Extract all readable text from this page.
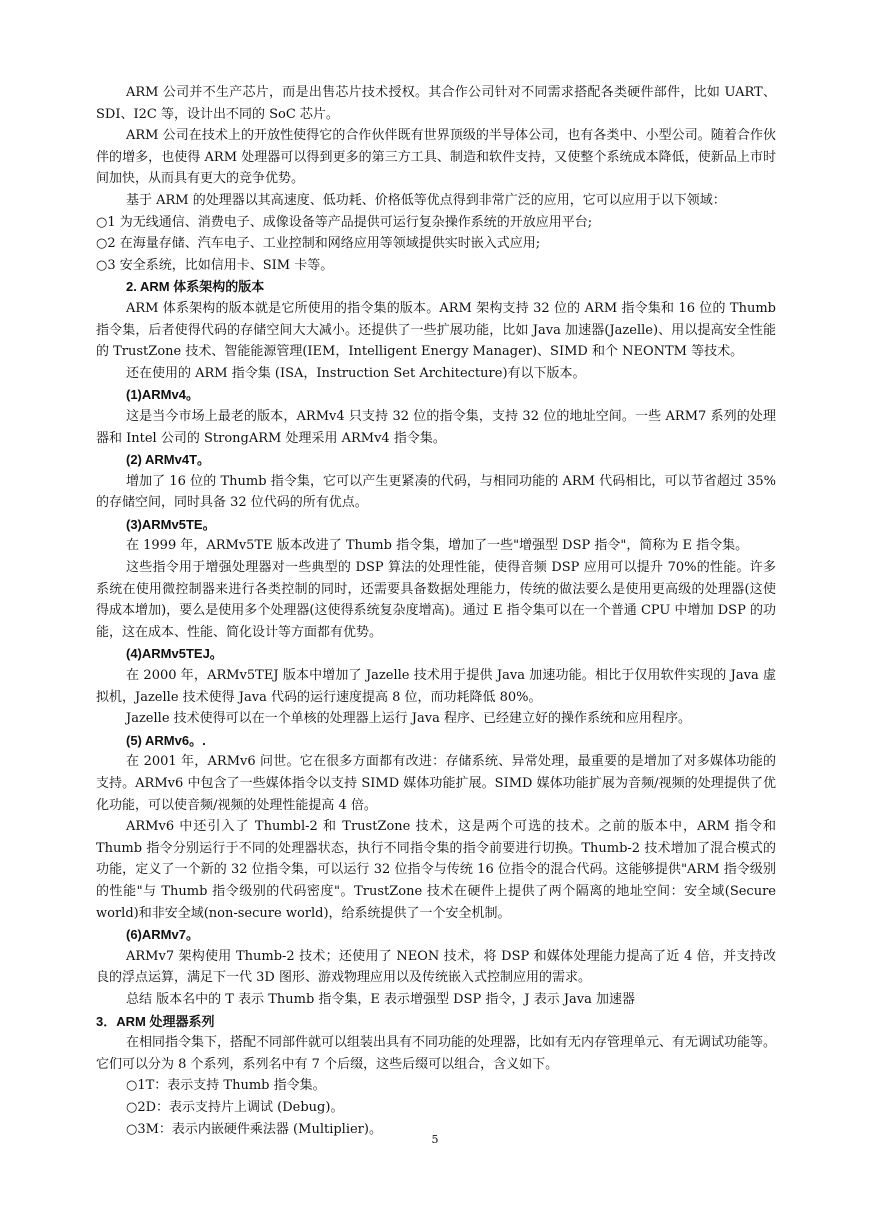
ARM 公司并不生产芯片，而是出售芯片技术授权。其合作公司针对不同需求搭配各类硬件部件，比如 UART、SDI、I2C 等，设计出不同的 SoC 芯片。

ARM 公司在技术上的开放性使得它的合作伙伴既有世界顶级的半导体公司，也有各类中、小型公司。随着合作伙伴的增多，也使得 ARM 处理器可以得到更多的第三方工具、制造和软件支持，又使整个系统成本降低，使新品上市时间加快，从而具有更大的竞争优势。

基于 ARM 的处理器以其高速度、低功耗、价格低等优点得到非常广泛的应用，它可以应用于以下领域：

○1 为无线通信、消费电子、成像设备等产品提供可运行复杂操作系统的开放应用平台;

○2 在海量存储、汽车电子、工业控制和网络应用等领域提供实时嵌入式应用;

○3 安全系统，比如信用卡、SIM 卡等。

2. ARM 体系架构的版本

ARM 体系架构的版本就是它所使用的指令集的版本。ARM 架构支持 32 位的 ARM 指令集和 16 位的 Thumb 指令集，后者使得代码的存储空间大大减小。还提供了一些扩展功能，比如 Java 加速器(Jazelle)、用以提高安全性能的 TrustZone 技术、智能能源管理(IEM，Intelligent Energy Manager)、SIMD 和个 NEONTM 等技术。

还在使用的 ARM 指令集 (ISA，Instruction Set Architecture)有以下版本。

(1)ARMv4。

这是当今市场上最老的版本，ARMv4 只支持 32 位的指令集，支持 32 位的地址空间。一些 ARM7 系列的处理器和 Intel 公司的 StrongARM 处理采用 ARMv4 指令集。

(2) ARMv4T。

增加了 16 位的 Thumb 指令集，它可以产生更紧凑的代码，与相同功能的 ARM 代码相比，可以节省超过 35%的存储空间，同时具备 32 位代码的所有优点。

(3)ARMv5TE。

在 1999 年，ARMv5TE 版本改进了 Thumb 指令集，增加了一些"增强型 DSP 指令"，简称为 E 指令集。

这些指令用于增强处理器对一些典型的 DSP 算法的处理性能，使得音频 DSP 应用可以提升 70%的性能。许多系统在使用微控制器来进行各类控制的同时，还需要具备数据处理能力，传统的做法要么是使用更高级的处理器(这使得成本增加)，要么是使用多个处理器(这使得系统复杂度增高)。通过 E 指令集可以在一个普通 CPU 中增加 DSP 的功能，这在成本、性能、简化设计等方面都有优势。

(4)ARMv5TEJ。

在 2000 年，ARMv5TEJ 版本中增加了 Jazelle 技术用于提供 Java 加速功能。相比于仅用软件实现的 Java 虚拟机，Jazelle 技术使得 Java 代码的运行速度提高 8 位，而功耗降低 80%。

Jazelle 技术使得可以在一个单核的处理器上运行 Java 程序、已经建立好的操作系统和应用程序。

(5) ARMv6。.

在 2001 年，ARMv6 问世。它在很多方面都有改进：存储系统、异常处理，最重要的是增加了对多媒体功能的支持。ARMv6 中包含了一些媒体指令以支持 SIMD 媒体功能扩展。SIMD 媒体功能扩展为音频/视频的处理提供了优化功能，可以使音频/视频的处理性能提高 4 倍。

ARMv6 中还引入了 Thumbl-2 和 TrustZone 技术，这是两个可选的技术。之前的版本中，ARM 指令和 Thumb 指令分别运行于不同的处理器状态，执行不同指令集的指令前要进行切换。Thumb-2 技术增加了混合模式的功能，定义了一个新的 32 位指令集，可以运行 32 位指令与传统 16 位指令的混合代码。这能够提供"ARM 指令级别的性能"与 Thumb 指令级别的代码密度"。TrustZone 技术在硬件上提供了两个隔离的地址空间：安全域(Secure world)和非安全域(non-secure world)，给系统提供了一个安全机制。

(6)ARMv7。

ARMv7 架构使用 Thumb-2 技术；还使用了 NEON 技术，将 DSP 和媒体处理能力提高了近 4 倍，并支持改良的浮点运算，满足下一代 3D 图形、游戏物理应用以及传统嵌入式控制应用的需求。

总结 版本名中的 T 表示 Thumb 指令集，E 表示增强型 DSP 指令，J 表示 Java 加速器

3．ARM 处理器系列

在相同指令集下，搭配不同部件就可以组装出具有不同功能的处理器，比如有无内存管理单元、有无调试功能等。它们可以分为 8 个系列，系列名中有 7 个后缀，这些后缀可以组合，含义如下。

○1T：表示支持 Thumb 指令集。

○2D：表示支持片上调试 (Debug)。

○3M：表示内嵌硬件乘法器 (Multiplier)。

5
